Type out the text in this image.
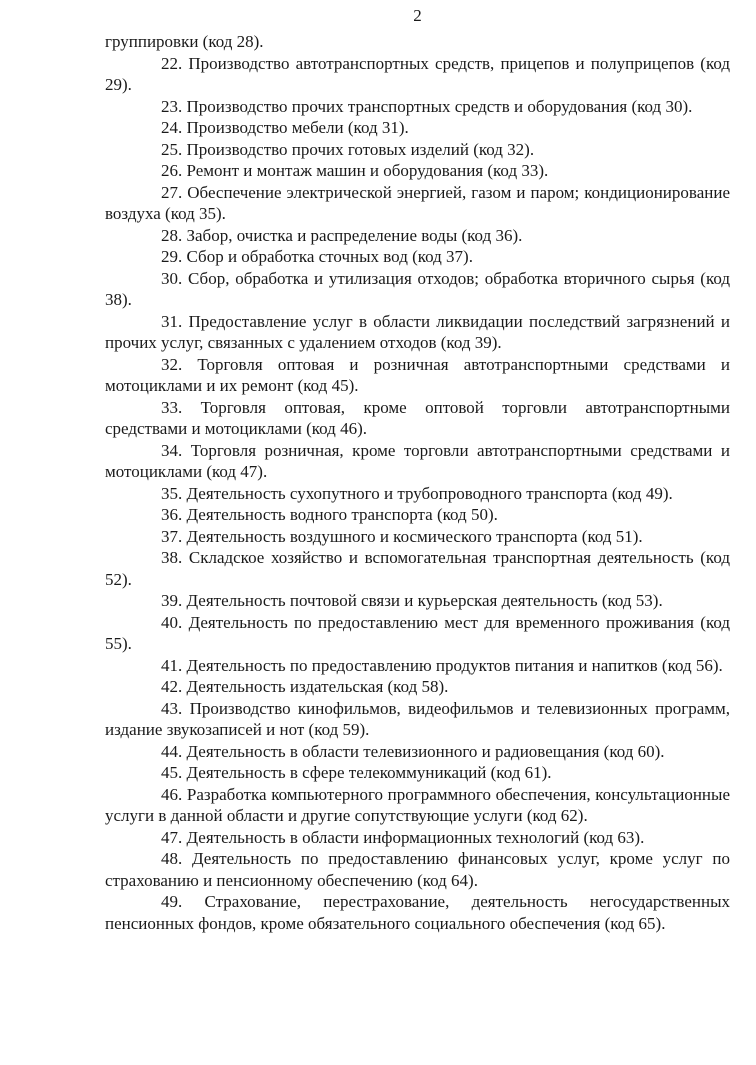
2

группировки (код 28).

22. Производство автотранспортных средств, прицепов и полуприцепов (код 29).

23. Производство прочих транспортных средств и оборудования (код 30).

24. Производство мебели (код 31).

25. Производство прочих готовых изделий (код 32).

26. Ремонт и монтаж машин и оборудования (код 33).

27. Обеспечение электрической энергией, газом и паром; кондиционирование воздуха (код 35).

28. Забор, очистка и распределение воды (код 36).

29. Сбор и обработка сточных вод (код 37).

30. Сбор, обработка и утилизация отходов; обработка вторичного сырья (код 38).

31. Предоставление услуг в области ликвидации последствий загрязнений и прочих услуг, связанных с удалением отходов (код 39).

32. Торговля оптовая и розничная автотранспортными средствами и мотоциклами и их ремонт (код 45).

33. Торговля оптовая, кроме оптовой торговли автотранспортными средствами и мотоциклами (код 46).

34. Торговля розничная, кроме торговли автотранспортными средствами и мотоциклами (код 47).

35. Деятельность сухопутного и трубопроводного транспорта (код 49).

36. Деятельность водного транспорта (код 50).

37. Деятельность воздушного и космического транспорта (код 51).

38. Складское хозяйство и вспомогательная транспортная деятельность (код 52).

39. Деятельность почтовой связи и курьерская деятельность (код 53).

40. Деятельность по предоставлению мест для временного проживания (код 55).

41. Деятельность по предоставлению продуктов питания и напитков (код 56).

42. Деятельность издательская (код 58).

43. Производство кинофильмов, видеофильмов и телевизионных программ, издание звукозаписей и нот (код 59).

44. Деятельность в области телевизионного и радиовещания (код 60).

45. Деятельность в сфере телекоммуникаций (код 61).

46. Разработка компьютерного программного обеспечения, консультационные услуги в данной области и другие сопутствующие услуги (код 62).

47. Деятельность в области информационных технологий (код 63).

48. Деятельность по предоставлению финансовых услуг, кроме услуг по страхованию и пенсионному обеспечению (код 64).

49. Страхование, перестрахование, деятельность негосударственных пенсионных фондов, кроме обязательного социального обеспечения (код 65).
